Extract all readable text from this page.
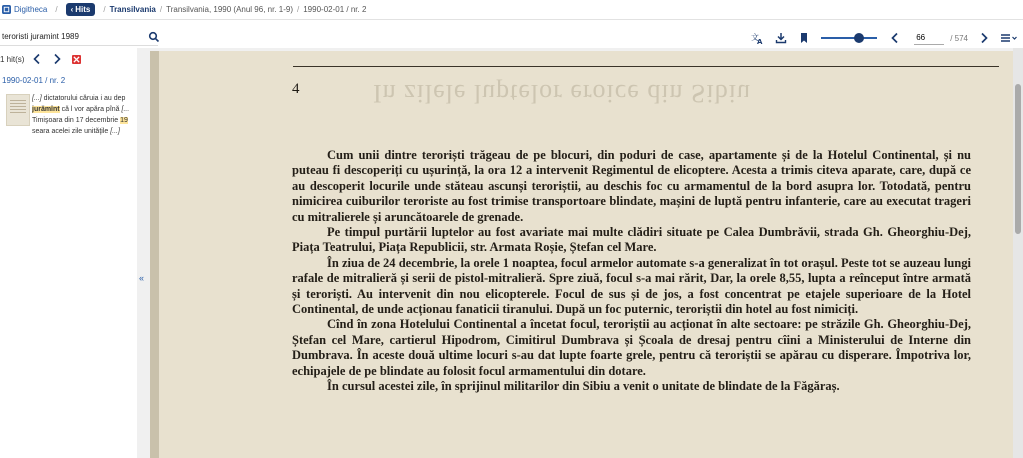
Digitheca / ‹ Hits / Transilvania / Transilvania, 1990 (Anul 96, nr. 1-9) / 1990-02-01 / nr. 2
teroristi juramint 1989
文
A
66	/ 574
1 hit(s)
1990-02-01 / nr. 2
[...] dictatorului căruia i au dep
jurămînt că l vor apăra pînă [...
Timişoara din 17 decembrie 19
seara acelei zile unităţile [...]
«
4	In zilele luptelor eroice din Sibiu

Cum unii dintre teroriști trăgeau de pe blocuri, din poduri de case, apartamente și de la Hotelul Continental, și nu puteau fi descoperiți cu ușurință, la ora 12 a intervenit Regimentul de elicoptere. Acesta a trimis citeva aparate, care, după ce au descoperit locurile unde stăteau ascunși teroriștii, au deschis foc cu armamentul de la bord asupra lor. Totodată, pentru nimicirea cuiburilor teroriste au fost trimise transportoare blindate, mașini de luptă pentru infanterie, care au executat trageri cu mitralierele și aruncătoarele de grenade.

Pe timpul purtării luptelor au fost avariate mai multe clădiri situate pe Calea Dumbrăvii, strada Gh. Gheorghiu-Dej, Piața Teatrului, Piața Republicii, str. Armata Roșie, Ștefan cel Mare.

În ziua de 24 decembrie, la orele 1 noaptea, focul armelor automate s-a generalizat în tot orașul. Peste tot se auzeau lungi rafale de mitralieră și serii de pistol-mitralieră. Spre ziuă, focul s-a mai rărit, Dar, la orele 8,55, lupta a reînceput între armată și teroriști. Au intervenit din nou elicopterele. Focul de sus și de jos, a fost concentrat pe etajele superioare de la Hotel Continental, de unde acționau fanaticii tiranului. După un foc puternic, teroriștii din hotel au fost nimiciți.

Cînd în zona Hotelului Continental a încetat focul, teroriștii au acționat în alte sectoare: pe străzile Gh. Gheorghiu-Dej, Ștefan cel Mare, cartierul Hipodrom, Cimitirul Dumbrava și Școala de dresaj pentru cîini a Ministerului de Interne din Dumbrava. În aceste două ultime locuri s-au dat lupte foarte grele, pentru că teroriștii se apărau cu disperare. Împotriva lor, echipajele de pe blindate au folosit focul armamentului din dotare.

În cursul acestei zile, în sprijinul militarilor din Sibiu a venit o unitate de blindate de la Făgăraș.
